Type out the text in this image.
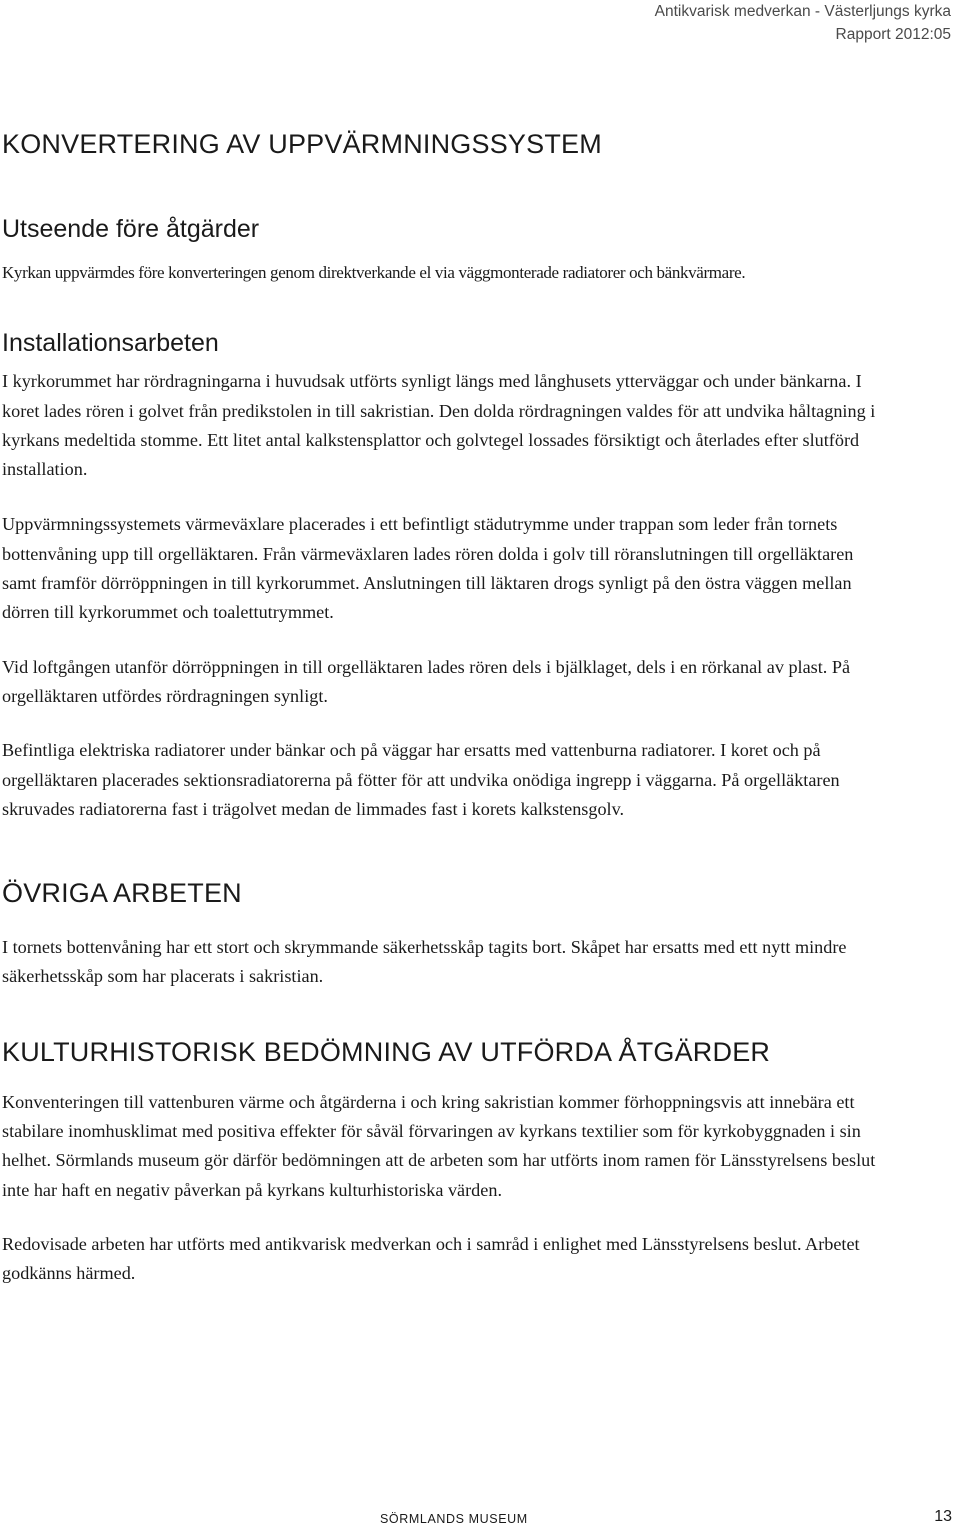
Antikvarisk medverkan - Västerljungs kyrka
Rapport 2012:05
KONVERTERING AV UPPVÄRMNINGSSYSTEM
Utseende före åtgärder

Kyrkan uppvärmdes före konverteringen genom direktverkande el via väggmonterade radiatorer och bänkvärmare.

Installationsarbeten

I kyrkorummet har rördragningarna i huvudsak utförts synligt längs med långhusets ytterväggar och under bänkarna. I koret lades rören i golvet från predikstolen in till sakristian. Den dolda rördragningen valdes för att undvika håltagning i kyrkans medeltida stomme. Ett litet antal kalkstensplattor och golvtegel lossades försiktigt och återlades efter slutförd installation.

Uppvärmningssystemets värmeväxlare placerades i ett befintligt städutrymme under trappan som leder från tornets bottenvåning upp till orgelläktaren. Från värmeväxlaren lades rören dolda i golv till röranslutningen till orgelläktaren samt framför dörröppningen in till kyrkorummet. Anslutningen till läktaren drogs synligt på den östra väggen mellan dörren till kyrkorummet och toalettutrymmet.

Vid loftgången utanför dörröppningen in till orgelläktaren lades rören dels i bjälklaget, dels i en rörkanal av plast. På orgelläktaren utfördes rördragningen synligt.

Befintliga elektriska radiatorer under bänkar och på väggar har ersatts med vattenburna radiatorer. I koret och på orgelläktaren placerades sektionsradiatorerna på fötter för att undvika onödiga ingrepp i väggarna. På orgelläktaren skruvades radiatorerna fast i trägolvet medan de limmades fast i korets kalkstensgolv.

ÖVRIGA ARBETEN

I tornets bottenvåning har ett stort och skrymmande säkerhetsskåp tagits bort. Skåpet har ersatts med ett nytt mindre säkerhetsskåp som har placerats i sakristian.

KULTURHISTORISK BEDÖMNING AV UTFÖRDA ÅTGÄRDER

Konventeringen till vattenburen värme och åtgärderna i och kring sakristian kommer förhoppningsvis att innebära ett stabilare inomhusklimat med positiva effekter för såväl förvaringen av kyrkans textilier som för kyrkobyggnaden i sin helhet. Sörmlands museum gör därför bedömningen att de arbeten som har utförts inom ramen för Länsstyrelsens beslut inte har haft en negativ påverkan på kyrkans kulturhistoriska värden.

Redovisade arbeten har utförts med antikvarisk medverkan och i samråd i enlighet med Länsstyrelsens beslut. Arbetet godkänns härmed.

SÖRMLANDS MUSEUM	13
